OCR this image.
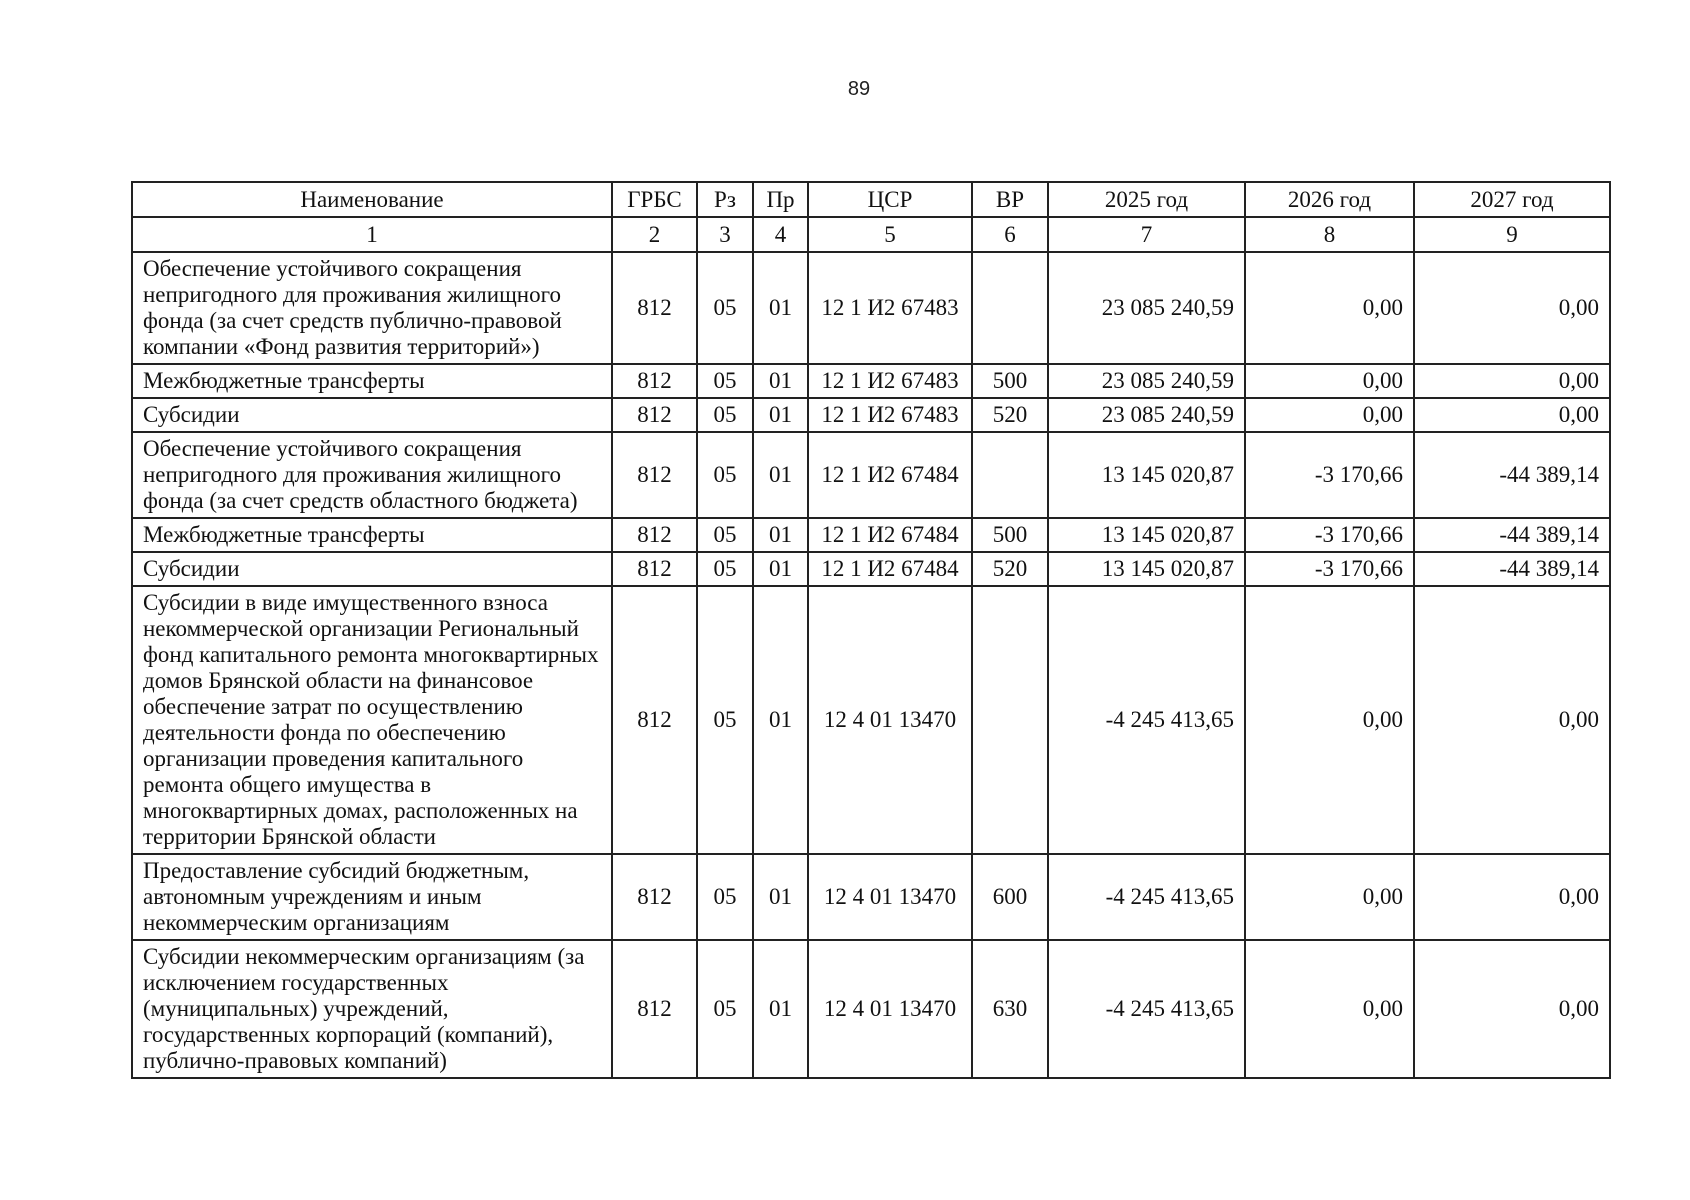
89
Наименование	ГРБС	Рз	Пр	ЦСР	ВР	2025 год	2026 год	2027 год
1	2	3	4	5	6	7	8	9
Обеспечение устойчивого сокращения непригодного для проживания жилищного фонда (за счет средств публично-правовой компании «Фонд развития территорий»)	812	05	01	12 1 И2 67483		23 085 240,59	0,00	0,00
Межбюджетные трансферты	812	05	01	12 1 И2 67483	500	23 085 240,59	0,00	0,00
Субсидии	812	05	01	12 1 И2 67483	520	23 085 240,59	0,00	0,00
Обеспечение устойчивого сокращения непригодного для проживания жилищного фонда (за счет средств областного бюджета)	812	05	01	12 1 И2 67484		13 145 020,87	-3 170,66	-44 389,14
Межбюджетные трансферты	812	05	01	12 1 И2 67484	500	13 145 020,87	-3 170,66	-44 389,14
Субсидии	812	05	01	12 1 И2 67484	520	13 145 020,87	-3 170,66	-44 389,14
Субсидии в виде имущественного взноса некоммерческой организации Региональный фонд капитального ремонта многоквартирных домов Брянской области на финансовое обеспечение затрат по осуществлению деятельности фонда по обеспечению организации проведения капитального ремонта общего имущества в многоквартирных домах, расположенных на территории Брянской области	812	05	01	12 4 01 13470		-4 245 413,65	0,00	0,00
Предоставление субсидий бюджетным, автономным учреждениям и иным некоммерческим организациям	812	05	01	12 4 01 13470	600	-4 245 413,65	0,00	0,00
Субсидии некоммерческим организациям (за исключением государственных (муниципальных) учреждений, государственных корпораций (компаний), публично-правовых компаний)	812	05	01	12 4 01 13470	630	-4 245 413,65	0,00	0,00
